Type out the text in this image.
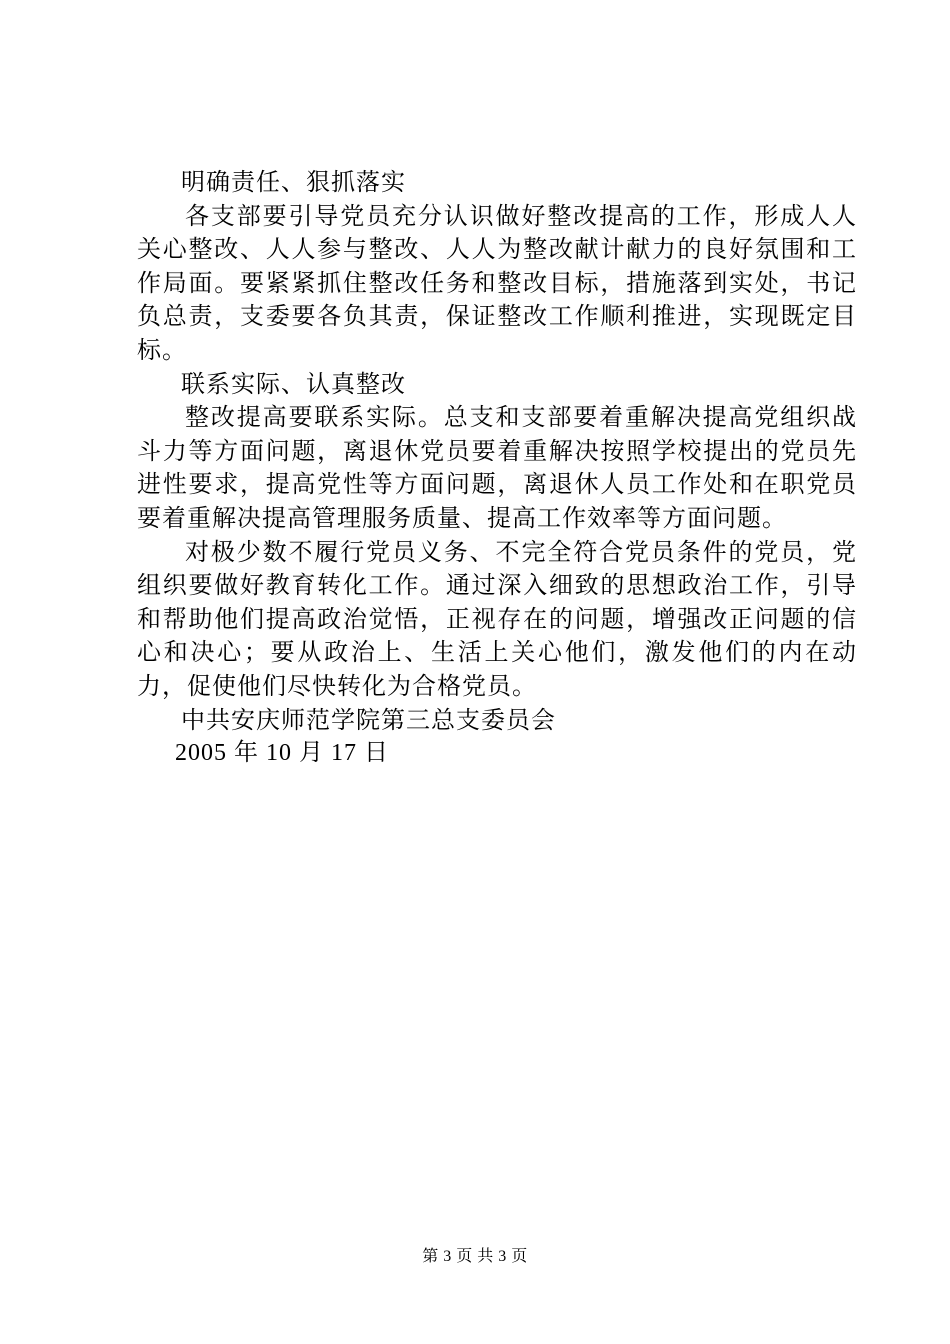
明确责任、狠抓落实

各支部要引导党员充分认识做好整改提高的工作，形成人人关心整改、人人参与整改、人人为整改献计献力的良好氛围和工作局面。要紧紧抓住整改任务和整改目标，措施落到实处，书记负总责，支委要各负其责，保证整改工作顺利推进，实现既定目标。

联系实际、认真整改

整改提高要联系实际。总支和支部要着重解决提高党组织战斗力等方面问题，离退休党员要着重解决按照学校提出的党员先进性要求，提高党性等方面问题，离退休人员工作处和在职党员要着重解决提高管理服务质量、提高工作效率等方面问题。

对极少数不履行党员义务、不完全符合党员条件的党员，党组织要做好教育转化工作。通过深入细致的思想政治工作，引导和帮助他们提高政治觉悟，正视存在的问题，增强改正问题的信心和决心；要从政治上、生活上关心他们，激发他们的内在动力，促使他们尽快转化为合格党员。

中共安庆师范学院第三总支委员会

2005 年 10 月 17 日

第 3 页 共 3 页
